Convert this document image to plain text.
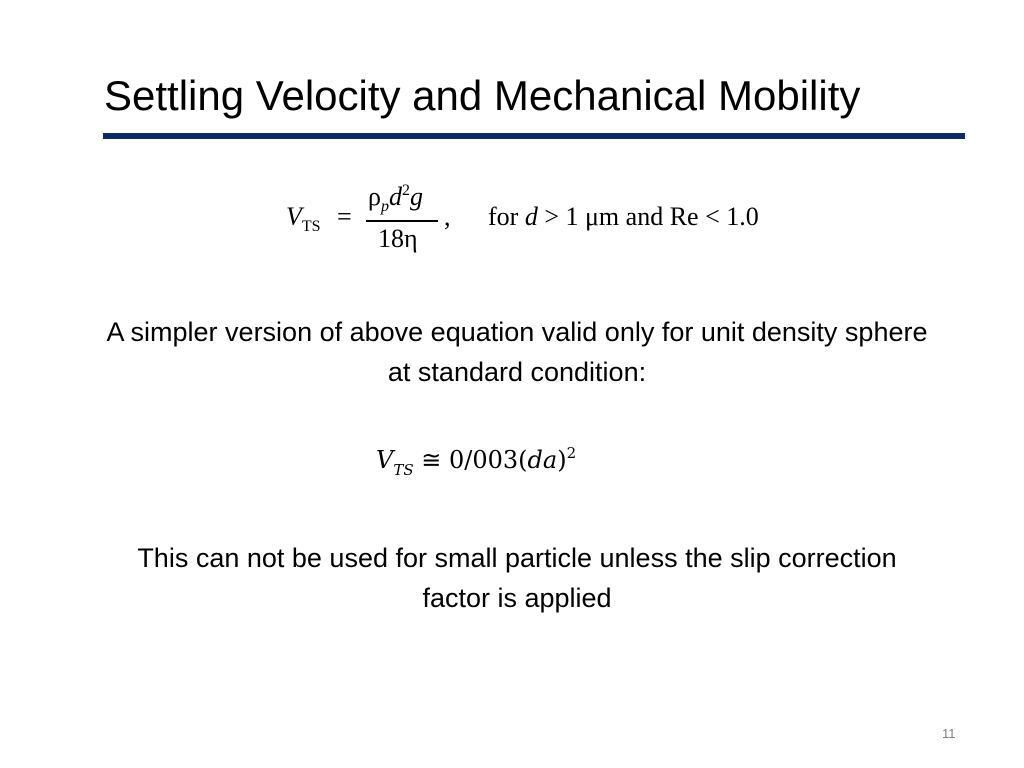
Settling Velocity and Mechanical Mobility
$V_{TS}$ =
$\rho_pd^2g$
18η
, for d > 1 μm and Re < 1.0
A simpler version of above equation valid only for unit density sphere at standard condition:
$V_{TS}$ ≅ 0/003(da)$^2$
This can not be used for small particle unless the slip correction factor is applied
11
